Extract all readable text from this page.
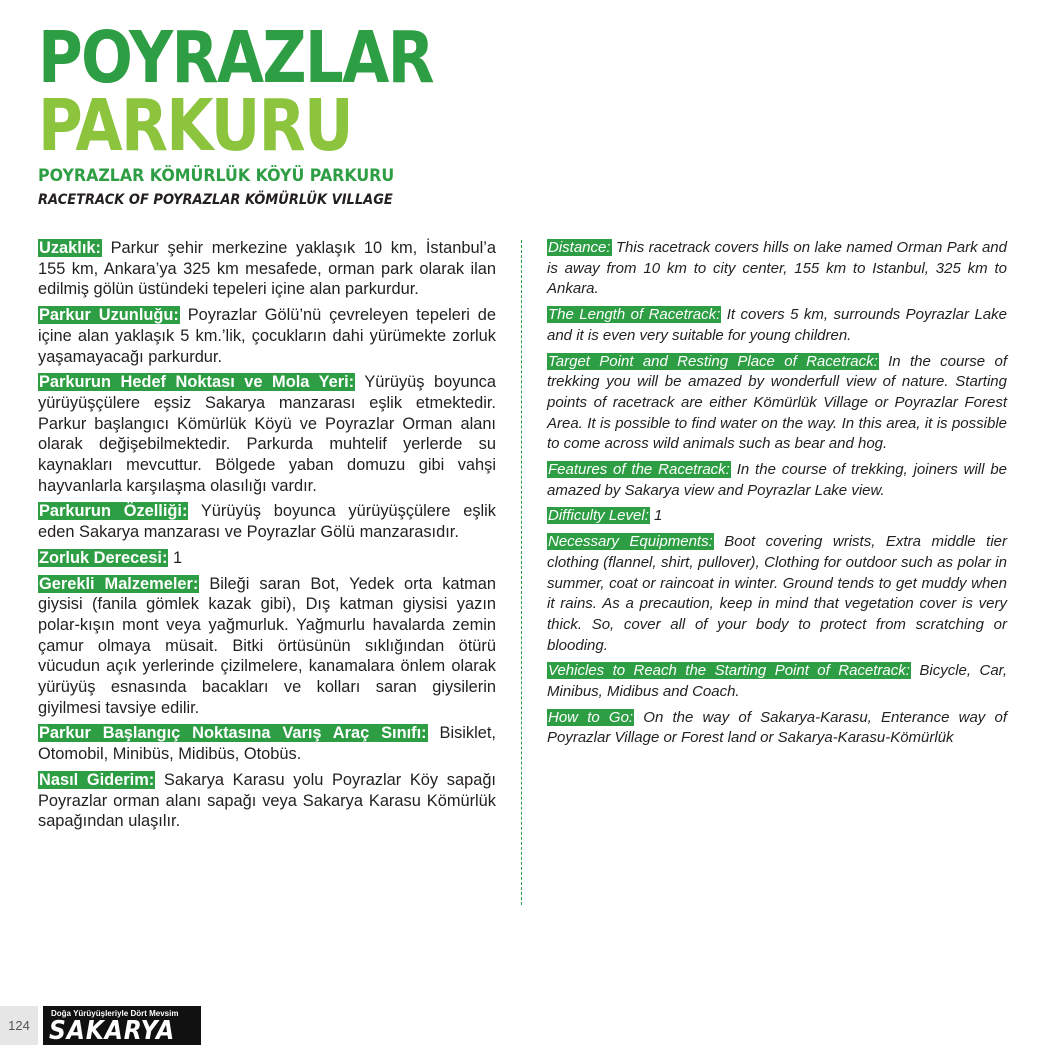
POYRAZLAR
PARKURU
POYRAZLAR KÖMÜRLÜK KÖYÜ PARKURU
RACETRACK OF POYRAZLAR KÖMÜRLÜK VILLAGE

Uzaklık: Parkur şehir merkezine yaklaşık 10 km, İstanbul’a 155 km, Ankara’ya 325 km mesafede, orman park olarak ilan edilmiş gölün üstündeki tepeleri içine alan parkurdur.

Parkur Uzunluğu: Poyrazlar Gölü’nü çevreleyen tepeleri de içine alan yaklaşık 5 km.’lik, çocukların dahi yürümekte zorluk yaşamayacağı parkurdur.

Parkurun Hedef Noktası ve Mola Yeri: Yürüyüş boyunca yürüyüşçülere eşsiz Sakarya manzarası eşlik etmektedir. Parkur başlangıcı Kömürlük Köyü ve Poyrazlar Orman alanı olarak değişebilmektedir. Parkurda muhtelif yerlerde su kaynakları mevcuttur. Bölgede yaban domuzu gibi vahşi hayvanlarla karşılaşma olasılığı vardır.

Parkurun Özelliği: Yürüyüş boyunca yürüyüşçülere eşlik eden Sakarya manzarası ve Poyrazlar Gölü manzarasıdır.

Zorluk Derecesi: 1

Gerekli Malzemeler: Bileği saran Bot, Yedek orta katman giysisi (fanila gömlek kazak gibi), Dış katman giysisi yazın polar-kışın mont veya yağmurluk. Yağmurlu havalarda zemin çamur olmaya müsait. Bitki örtüsünün sıklığından ötürü vücudun açık yerlerinde çizilmelere, kanamalara önlem olarak yürüyüş esnasında bacakları ve kolları saran giysilerin giyilmesi tavsiye edilir.

Parkur Başlangıç Noktasına Varış Araç Sınıfı: Bisiklet, Otomobil, Minibüs, Midibüs, Otobüs.

Nasıl Giderim: Sakarya Karasu yolu Poyrazlar Köy sapağı Poyrazlar orman alanı sapağı veya Sakarya Karasu Kömürlük sapağından ulaşılır.

Distance: This racetrack covers hills on lake named Orman Park and is away from 10 km to city center, 155 km to Istanbul, 325 km to Ankara.

The Length of Racetrack: It covers 5 km, surrounds Poyrazlar Lake and it is even very suitable for young children.

Target Point and Resting Place of Racetrack: In the course of trekking you will be amazed by wonderfull view of nature. Starting points of racetrack are either Kömürlük Village or Poyrazlar Forest Area. It is possible to find water on the way. In this area, it is possible to come across wild animals such as bear and hog.

Features of the Racetrack: In the course of trekking, joiners will be amazed by Sakarya view and Poyrazlar Lake view.

Difficulty Level: 1

Necessary Equipments: Boot covering wrists, Extra middle tier clothing (flannel, shirt, pullover), Clothing for outdoor such as polar in summer, coat or raincoat in winter. Ground tends to get muddy when it rains. As a precaution, keep in mind that vegetation cover is very thick. So, cover all of your body to protect from scratching or blooding.

Vehicles to Reach the Starting Point of Racetrack: Bicycle, Car, Minibus, Midibus and Coach.

How to Go: On the way of Sakarya-Karasu, Enterance way of Poyrazlar Village or Forest land or Sakarya-Karasu-Kömürlük

124
Doğa Yürüyüşleriyle Dört Mevsim
SAKARYA
